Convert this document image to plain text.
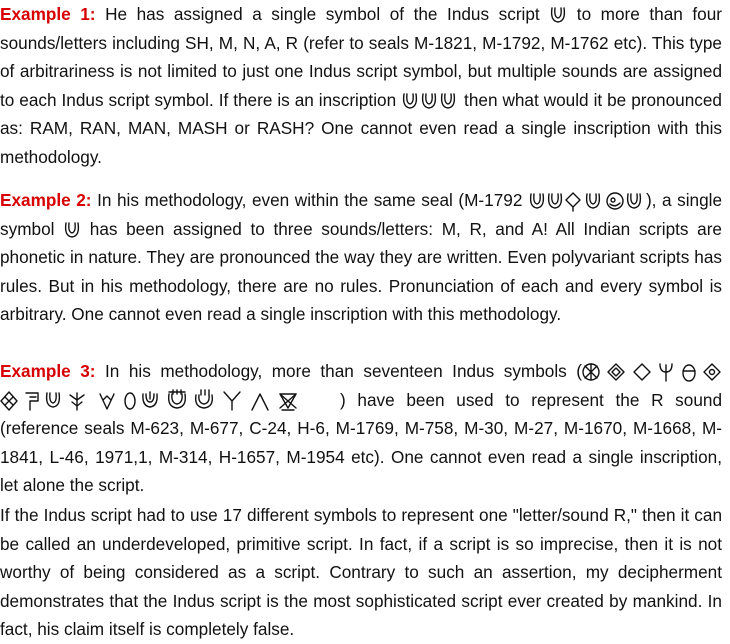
Example 1: He has assigned a single symbol of the Indus script to more than four sounds/letters including SH, M, N, A, R (refer to seals M-1821, M-1792, M-1762 etc). This type of arbitrariness is not limited to just one Indus script symbol, but multiple sounds are assigned to each Indus script symbol. If there is an inscription	then what would it be pronounced as: RAM, RAN, MAN, MASH or RASH? One cannot even read a single inscription with this methodology.
Example 2: In his methodology, even within the same seal (M-1792	), a single symbol has been assigned to three sounds/letters: M, R, and A! All Indian scripts are phonetic in nature. They are pronounced the way they are written. Even polyvariant scripts has rules. But in his methodology, there are no rules. Pronunciation of each and every symbol is arbitrary. One cannot even read a single inscription with this methodology.
Example 3: In his methodology, more than seventeen Indus symbols (

) have been used to represent the R sound (reference seals M-623, M-677, C-24, H-6, M-1769, M-758, M-30, M-27, M-1670, M-1668, M-1841, L-46, 1971,1, M-314, H-1657, M-1954 etc). One cannot even read a single inscription, let alone the script.
If the Indus script had to use 17 different symbols to represent one "letter/sound R," then it can be called an underdeveloped, primitive script. In fact, if a script is so imprecise, then it is not worthy of being considered as a script. Contrary to such an assertion, my decipherment demonstrates that the Indus script is the most sophisticated script ever created by mankind. In fact, his claim itself is completely false.
